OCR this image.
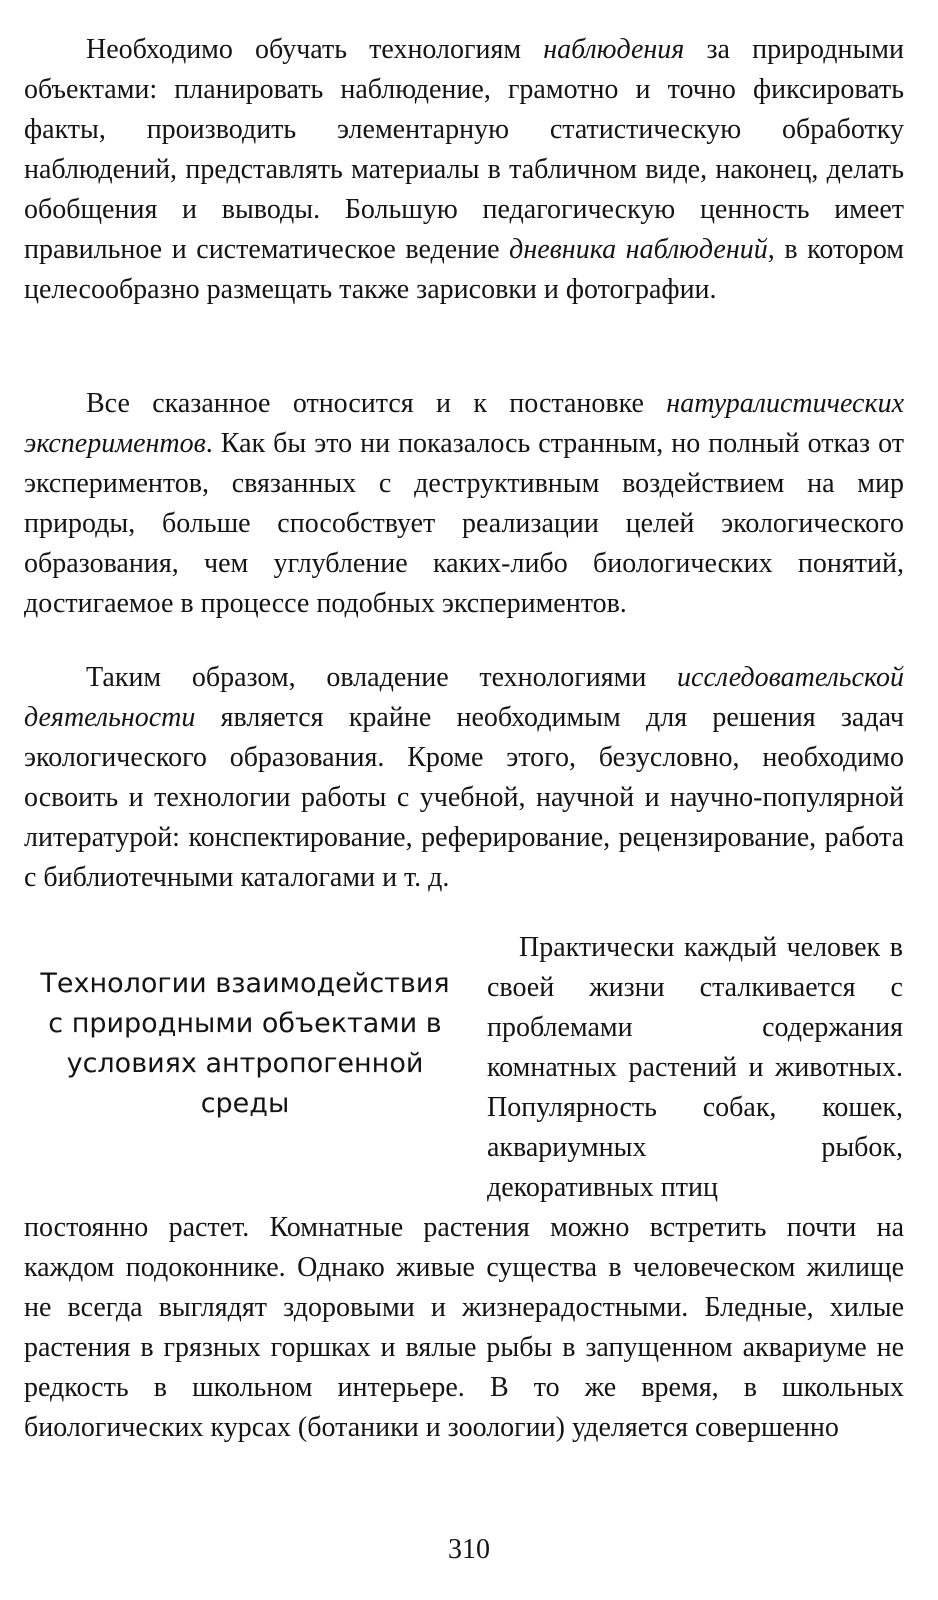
Необходимо обучать технологиям наблюдения за природными объектами: планировать наблюдение, грамотно и точно фиксировать факты, производить элементарную статистическую обработку наблюдений, представлять материалы в табличном виде, наконец, делать обобщения и выводы. Большую педагогическую ценность имеет правильное и систематическое ведение дневника наблюдений, в котором целесообразно размещать также зарисовки и фотографии.

Все сказанное относится и к постановке натуралистических экспериментов. Как бы это ни показалось странным, но полный отказ от экспериментов, связанных с деструктивным воздействием на мир природы, больше способствует реализации целей экологического образования, чем углубление каких-либо биологических понятий, достигаемое в процессе подобных экспериментов.

Таким образом, овладение технологиями исследовательской деятельности является крайне необходимым для решения задач экологического образования. Кроме этого, безусловно, необходимо освоить и технологии работы с учебной, научной и научно-популярной литературой: конспектирование, реферирование, рецензирование, работа с библиотечными каталогами и т. д.

Технологии взаимодействия с природными объектами в условиях антропогенной среды

Практически каждый человек в своей жизни сталкивается с проблемами содержания комнатных растений и животных. Популярность собак, кошек, аквариумных рыбок, декоративных птиц

постоянно растет. Комнатные растения можно встретить почти на каждом подоконнике. Однако живые существа в человеческом жилище не всегда выглядят здоровыми и жизнерадостными. Бледные, хилые растения в грязных горшках и вялые рыбы в запущенном аквариуме не редкость в школьном интерьере. В то же время, в школьных биологических курсах (ботаники и зоологии) уделяется совершенно

310
